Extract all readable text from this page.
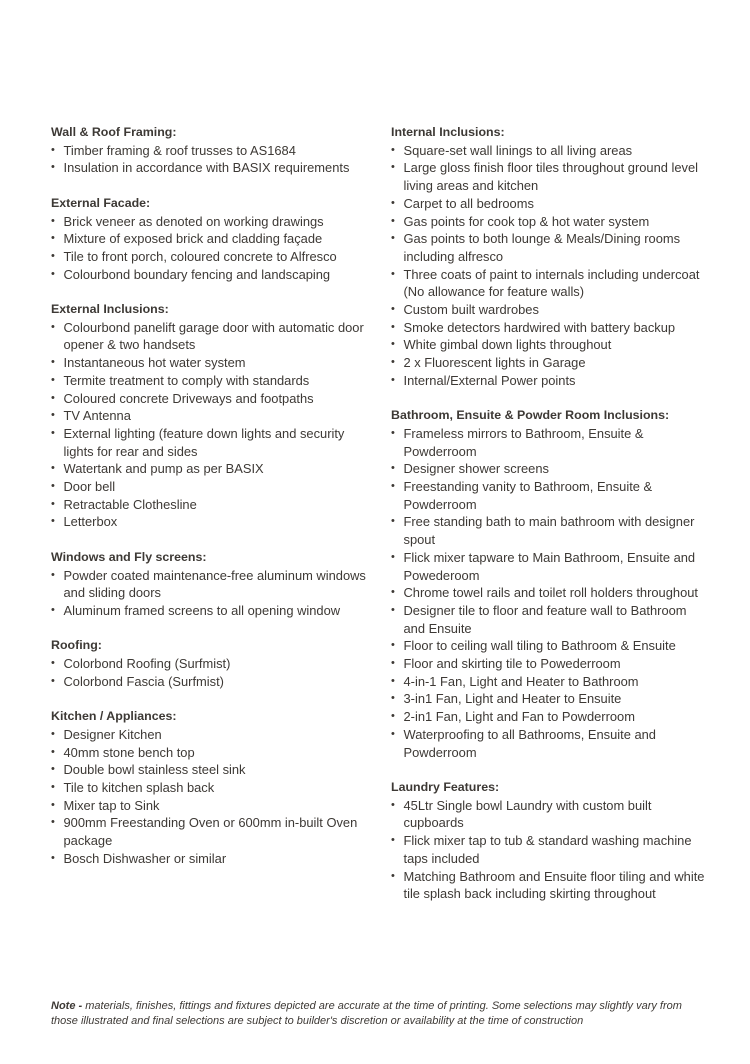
Wall & Roof Framing:

• Timber framing & roof trusses to AS1684
• Insulation in accordance with BASIX requirements

External Facade:

• Brick veneer as denoted on working drawings
• Mixture of exposed brick and cladding façade
• Tile to front porch, coloured concrete to Alfresco
• Colourbond boundary fencing and landscaping

External Inclusions:

• Colourbond panelift garage door with automatic door opener & two handsets
• Instantaneous hot water system
• Termite treatment to comply with standards
• Coloured concrete Driveways and footpaths
• TV Antenna
• External lighting (feature down lights and security lights for rear and sides
• Watertank and pump as per BASIX
• Door bell
• Retractable Clothesline
• Letterbox

Windows and Fly screens:

• Powder coated maintenance-free aluminum windows and sliding doors
• Aluminum framed screens to all opening window

Roofing:

• Colorbond Roofing (Surfmist)
• Colorbond Fascia (Surfmist)

Kitchen / Appliances:

• Designer Kitchen
• 40mm stone bench top
• Double bowl stainless steel sink
• Tile to kitchen splash back
• Mixer tap to Sink
• 900mm Freestanding Oven or 600mm in-built Oven package
• Bosch Dishwasher or similar

Internal Inclusions:

• Square-set wall linings to all living areas
• Large gloss finish floor tiles throughout ground level living areas and kitchen
• Carpet to all bedrooms
• Gas points for cook top & hot water system
• Gas points to both lounge & Meals/Dining rooms including alfresco
• Three coats of paint to internals including undercoat (No allowance for feature walls)
• Custom built wardrobes
• Smoke detectors hardwired with battery backup
• White gimbal down lights throughout
• 2 x Fluorescent lights in Garage
• Internal/External Power points

Bathroom, Ensuite & Powder Room Inclusions:

• Frameless mirrors to Bathroom, Ensuite & Powderroom
• Designer shower screens
• Freestanding vanity to Bathroom, Ensuite & Powderroom
• Free standing bath to main bathroom with designer spout
• Flick mixer tapware to Main Bathroom, Ensuite and Powederoom
• Chrome towel rails and toilet roll holders throughout
• Designer tile to floor and feature wall to Bathroom and Ensuite
• Floor to ceiling wall tiling to Bathroom & Ensuite
• Floor and skirting tile to Powederroom
• 4-in-1 Fan, Light and Heater to Bathroom
• 3-in1 Fan, Light and Heater to Ensuite
• 2-in1 Fan, Light and Fan to Powderroom
• Waterproofing to all Bathrooms, Ensuite and Powderroom

Laundry Features:

• 45Ltr Single bowl Laundry with custom built cupboards
• Flick mixer tap to tub & standard washing machine taps included
• Matching Bathroom and Ensuite floor tiling and white tile splash back including skirting throughout

Note - materials, finishes, fittings and fixtures depicted are accurate at the time of printing. Some selections may slightly vary from those illustrated and final selections are subject to builder's discretion or availability at the time of construction
